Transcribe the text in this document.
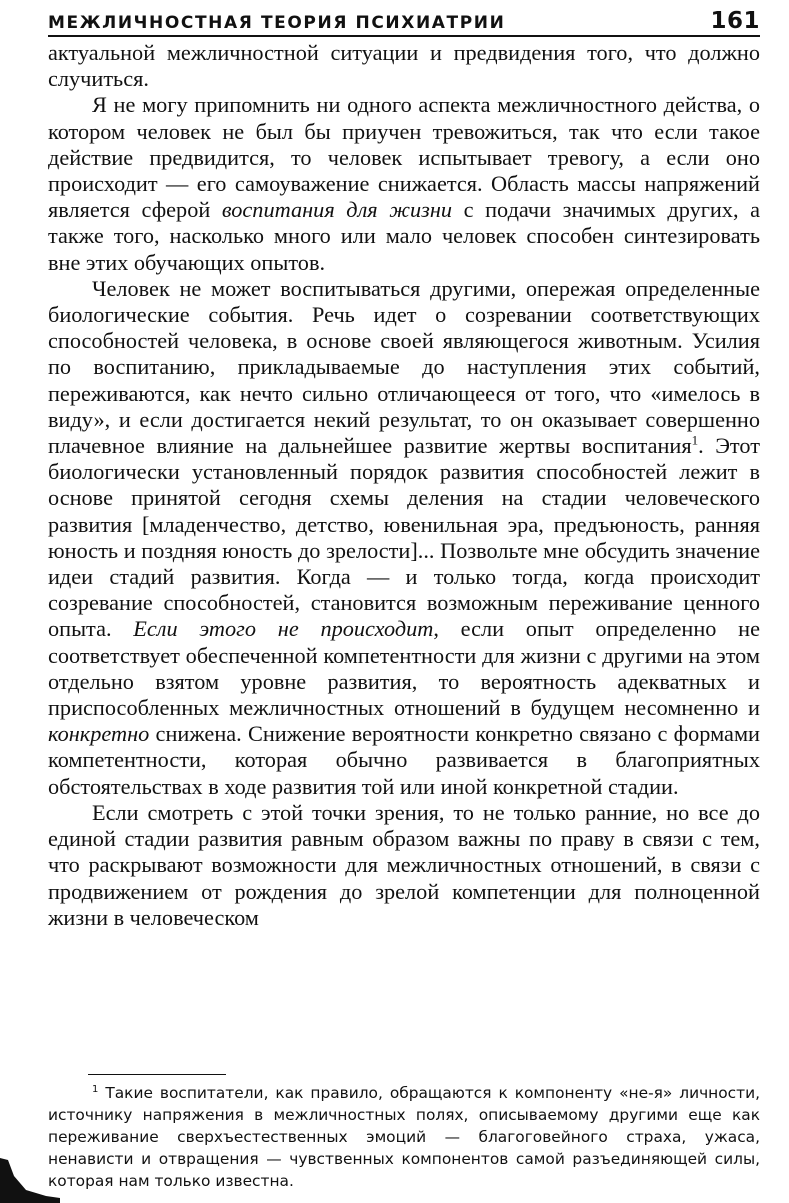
МЕЖЛИЧНОСТНАЯ ТЕОРИЯ ПСИХИАТРИИ	161

актуальной межличностной ситуации и предвидения того, что должно случиться.

Я не могу припомнить ни одного аспекта межличностного действа, о котором человек не был бы приучен тревожиться, так что если такое действие предвидится, то человек испытывает тревогу, а если оно происходит — его самоуважение снижается. Область массы напряжений является сферой воспитания для жизни с подачи значимых других, а также того, насколько много или мало человек способен синтезировать вне этих обучающих опытов.

Человек не может воспитываться другими, опережая определенные биологические события. Речь идет о созревании соответствующих способностей человека, в основе своей являющегося животным. Усилия по воспитанию, прикладываемые до наступления этих событий, переживаются, как нечто сильно отличающееся от того, что «имелось в виду», и если достигается некий результат, то он оказывает совершенно плачевное влияние на дальнейшее развитие жертвы воспитания$^1$. Этот биологически установленный порядок развития способностей лежит в основе принятой сегодня схемы деления на стадии человеческого развития [младенчество, детство, ювенильная эра, предъюность, ранняя юность и поздняя юность до зрелости]... Позвольте мне обсудить значение идеи стадий развития. Когда — и только тогда, когда происходит созревание способностей, становится возможным переживание ценного опыта. Если этого не происходит, если опыт определенно не соответствует обеспеченной компетентности для жизни с другими на этом отдельно взятом уровне развития, то вероятность адекватных и приспособленных межличностных отношений в будущем несомненно и конкретно снижена. Снижение вероятности конкретно связано с формами компетентности, которая обычно развивается в благоприятных обстоятельствах в ходе развития той или иной конкретной стадии.

Если смотреть с этой точки зрения, то не только ранние, но все до единой стадии развития равным образом важны по праву в связи с тем, что раскрывают возможности для межличностных отношений, в связи с продвижением от рождения до зрелой компетенции для полноценной жизни в человеческом

$^1$ Такие воспитатели, как правило, обращаются к компоненту «не-я» личности, источнику напряжения в межличностных полях, описываемому другими еще как переживание сверхъестественных эмоций — благоговейного страха, ужаса, ненависти и отвращения — чувственных компонентов самой разъединяющей силы, которая нам только известна.
